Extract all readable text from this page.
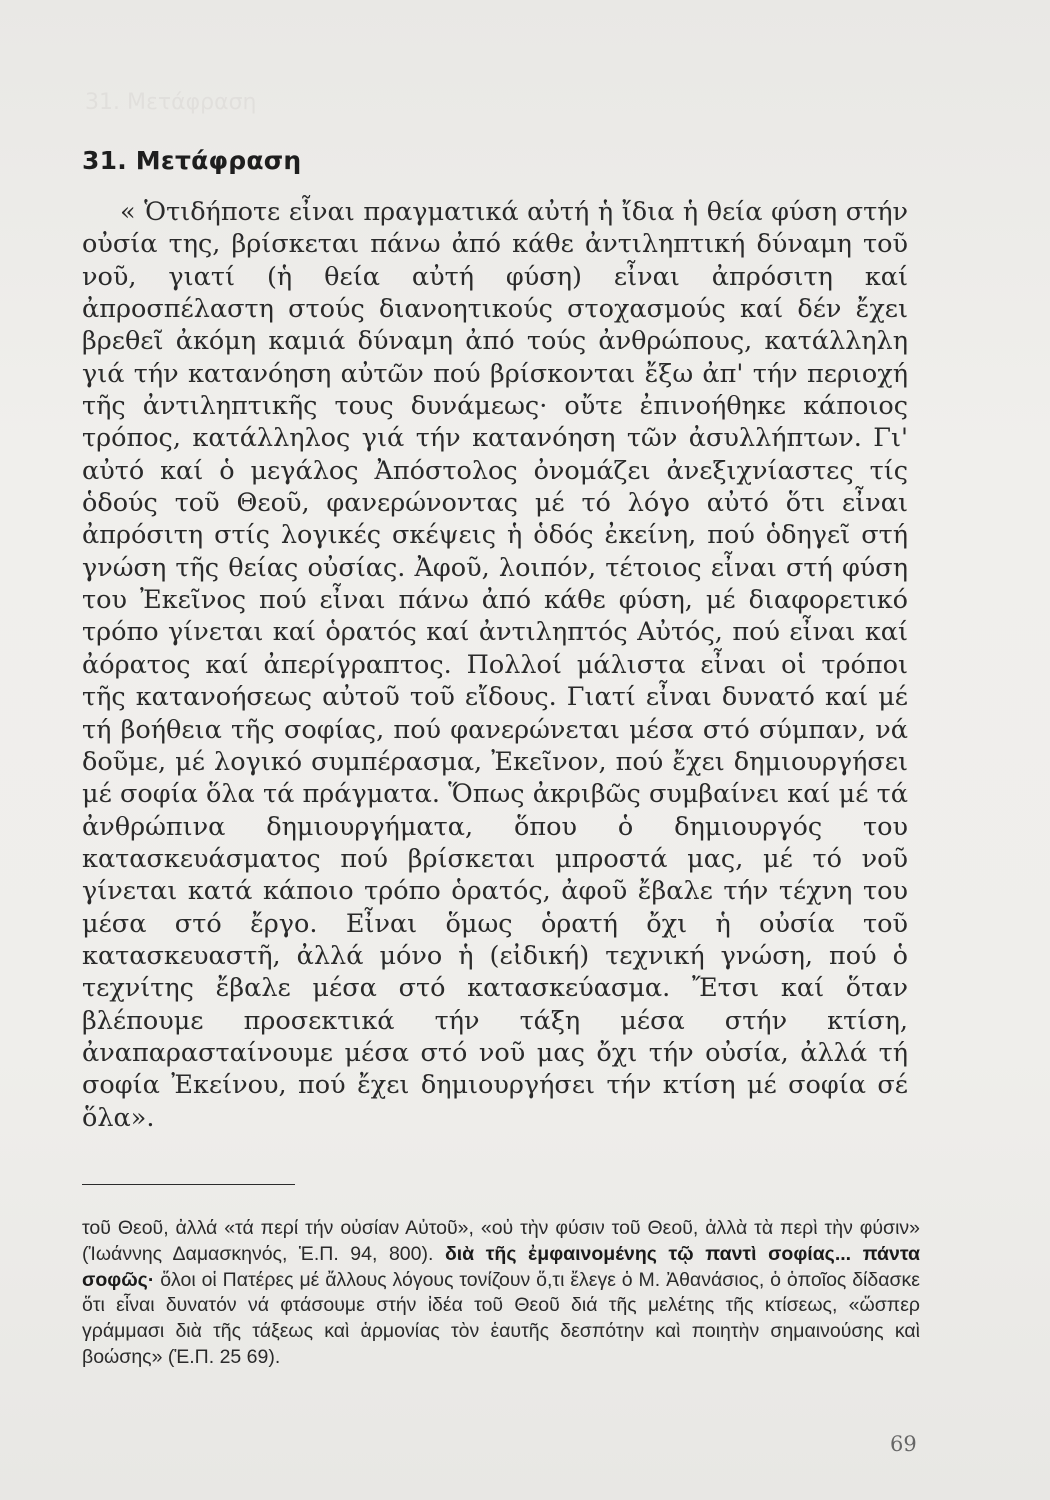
31. Μετάφραση
31. Μετάφραση

« Ὁτιδήποτε εἶναι πραγματικά αὐτή ἡ ἴδια ἡ θεία φύση στήν οὐσία της, βρίσκεται πάνω ἀπό κάθε ἀντιληπτική δύναμη τοῦ νοῦ, γιατί (ἡ θεία αὐτή φύση) εἶναι ἀπρόσιτη καί ἀπροσπέλαστη στούς διανοητικούς στοχασμούς καί δέν ἔχει βρεθεῖ ἀκόμη καμιά δύναμη ἀπό τούς ἀνθρώπους, κατάλληλη γιά τήν κατανόηση αὐτῶν πού βρίσκονται ἔξω ἀπ' τήν περιοχή τῆς ἀντιληπτικῆς τους δυνάμεως· οὔτε ἐπινοήθηκε κάποιος τρόπος, κατάλληλος γιά τήν κατανόηση τῶν ἀσυλλήπτων. Γι' αὐτό καί ὁ μεγάλος Ἀπόστολος ὀνομάζει ἀνεξιχνίαστες τίς ὁδούς τοῦ Θεοῦ, φανερώνοντας μέ τό λόγο αὐτό ὅτι εἶναι ἀπρόσιτη στίς λογικές σκέψεις ἡ ὁδός ἐκείνη, πού ὁδηγεῖ στή γνώση τῆς θείας οὐσίας. Ἀφοῦ, λοιπόν, τέτοιος εἶναι στή φύση του Ἐκεῖνος πού εἶναι πάνω ἀπό κάθε φύση, μέ διαφορετικό τρόπο γίνεται καί ὁρατός καί ἀντιληπτός Αὐτός, πού εἶναι καί ἀόρατος καί ἀπερίγραπτος. Πολλοί μάλιστα εἶναι οἱ τρόποι τῆς κατανοήσεως αὐτοῦ τοῦ εἴδους. Γιατί εἶναι δυνατό καί μέ τή βοήθεια τῆς σοφίας, πού φανερώνεται μέσα στό σύμπαν, νά δοῦμε, μέ λογικό συμπέρασμα, Ἐκεῖνον, πού ἔχει δημιουργήσει μέ σοφία ὅλα τά πράγματα. Ὅπως ἀκριβῶς συμβαίνει καί μέ τά ἀνθρώπινα δημιουργήματα, ὅπου ὁ δημιουργός του κατασκευάσματος πού βρίσκεται μπροστά μας, μέ τό νοῦ γίνεται κατά κάποιο τρόπο ὁρατός, ἀφοῦ ἔβαλε τήν τέχνη του μέσα στό ἔργο. Εἶναι ὅμως ὁρατή ὄχι ἡ οὐσία τοῦ κατασκευαστῆ, ἀλλά μόνο ἡ (εἰδική) τεχνική γνώση, πού ὁ τεχνίτης ἔβαλε μέσα στό κατασκεύασμα. Ἔτσι καί ὅταν βλέπουμε προσεκτικά τήν τάξη μέσα στήν κτίση, ἀναπαρασταίνουμε μέσα στό νοῦ μας ὄχι τήν οὐσία, ἀλλά τή σοφία Ἐκείνου, πού ἔχει δημιουργήσει τήν κτίση μέ σοφία σέ ὅλα».

τοῦ Θεοῦ, ἀλλά «τά περί τήν οὐσίαν Αὐτοῦ», «οὐ τὴν φύσιν τοῦ Θεοῦ, ἀλλὰ τὰ περὶ τὴν φύσιν» (Ἰωάννης Δαμασκηνός, Ἑ.Π. 94, 800). διὰ τῆς ἐμφαινομένης τῷ παντὶ σοφίας... πάντα σοφῶς· ὅλοι οἱ Πατέρες μέ ἄλλους λόγους τονίζουν ὅ,τι ἔλεγε ὁ Μ. Ἀθανάσιος, ὁ ὁποῖος δίδασκε ὅτι εἶναι δυνατόν νά φτάσουμε στήν ἰδέα τοῦ Θεοῦ διά τῆς μελέτης τῆς κτίσεως, «ὥσπερ γράμμασι διὰ τῆς τάξεως καὶ ἁρμονίας τὸν ἑαυτῆς δεσπότην καὶ ποιητὴν σημαινούσης καὶ βοώσης» (Ἑ.Π. 25 69).

69
